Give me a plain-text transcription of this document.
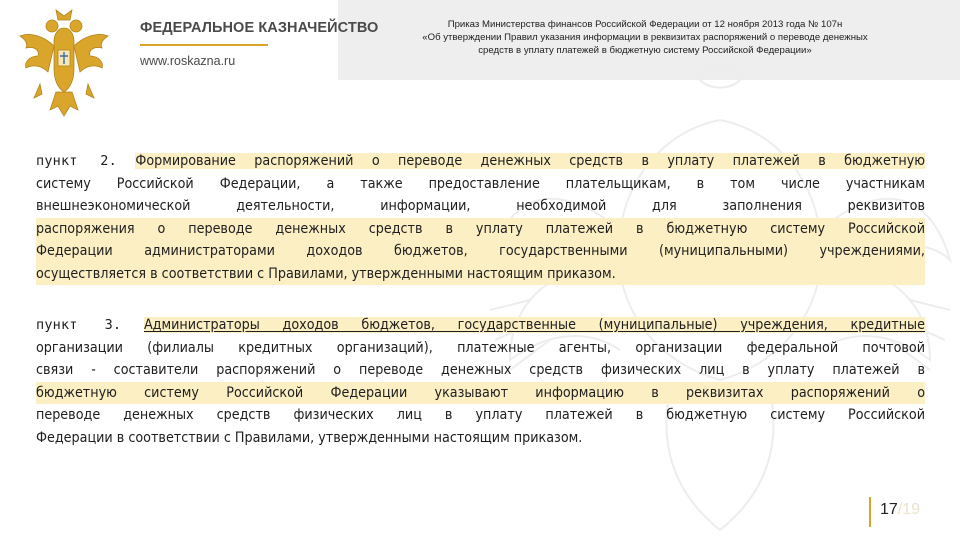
ФЕДЕРАЛЬНОЕ КАЗНАЧЕЙСТВО
www.roskazna.ru
Приказ Министерства финансов Российской Федерации от 12 ноября 2013 года № 107н
«Об утверждении Правил указания информации в реквизитах распоряжений о переводе денежных
средств в уплату платежей в бюджетную систему Российской Федерации»
пункт 2. Формирование распоряжений о переводе денежных средств в уплату платежей в бюджетную
систему Российской Федерации, а также предоставление плательщикам, в том числе участникам
внешнеэкономической деятельности, информации, необходимой для заполнения реквизитов
распоряжения о переводе денежных средств в уплату платежей в бюджетную систему Российской
Федерации администраторами доходов бюджетов, государственными (муниципальными) учреждениями,
осуществляется в соответствии с Правилами, утвержденными настоящим приказом.
пункт 3. Администраторы доходов бюджетов, государственные (муниципальные) учреждения, кредитные
организации (филиалы кредитных организаций), платежные агенты, организации федеральной почтовой
связи - составители распоряжений о переводе денежных средств физических лиц в уплату платежей в
бюджетную систему Российской Федерации указывают информацию в реквизитах распоряжений о
переводе денежных средств физических лиц в уплату платежей в бюджетную систему Российской
Федерации в соответствии с Правилами, утвержденными настоящим приказом.
17/19
